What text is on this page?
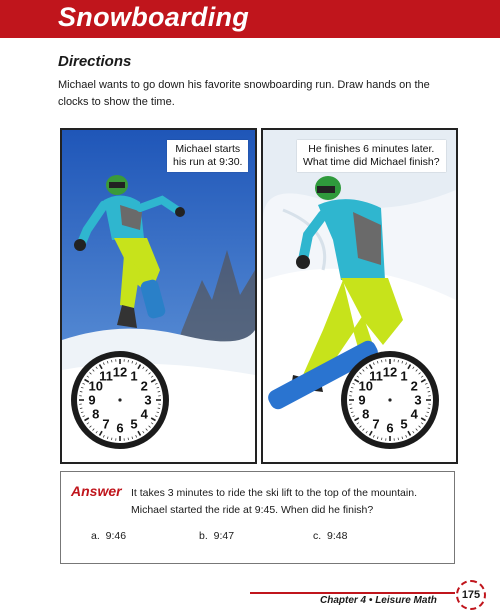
Snowboarding
Directions
Michael wants to go down his favorite snowboarding run. Draw hands on the clocks to show the time.
Michael starts
his run at 9:30.
12 1
2
3
4
5
6
7
8
9
10
11
He finishes 6 minutes later.
What time did Michael finish?
12 1
2
3
4
5
6
7
8
9
10
11
Answer It takes 3 minutes to ride the ski lift to the top of the mountain.
Michael started the ride at 9:45. When did he finish?
a. 9:46	b. 9:47	c. 9:48
Chapter 4 • Leisure Math	175
